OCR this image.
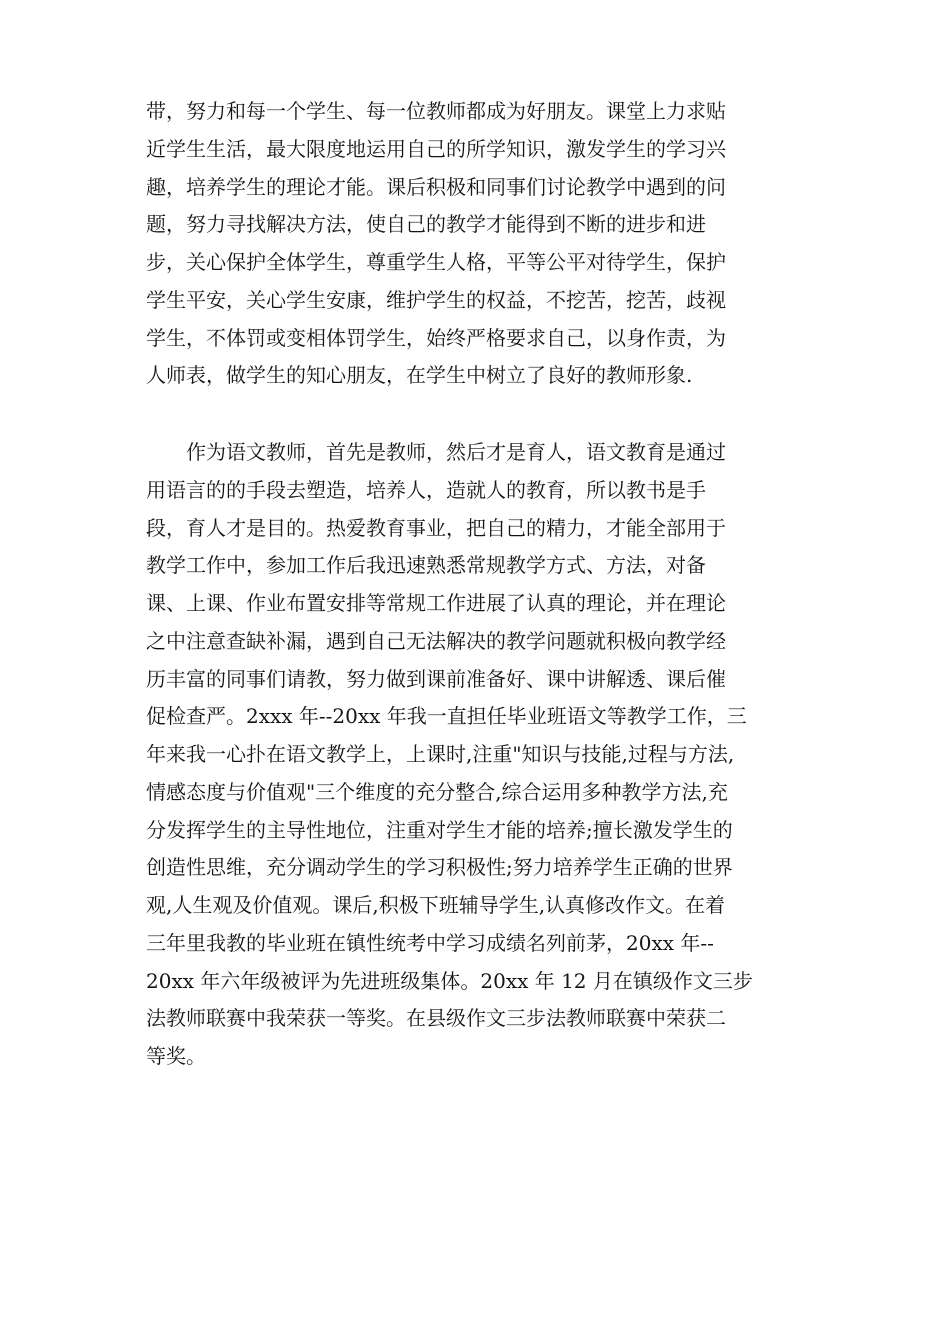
带，努力和每一个学生、每一位教师都成为好朋友。课堂上力求贴
近学生生活，最大限度地运用自己的所学知识，激发学生的学习兴
趣，培养学生的理论才能。课后积极和同事们讨论教学中遇到的问
题，努力寻找解决方法，使自己的教学才能得到不断的进步和进
步，关心保护全体学生，尊重学生人格，平等公平对待学生，保护
学生平安，关心学生安康，维护学生的权益，不挖苦，挖苦，歧视
学生，不体罚或变相体罚学生，始终严格要求自己，以身作责，为
人师表，做学生的知心朋友，在学生中树立了良好的教师形象.
　　作为语文教师，首先是教师，然后才是育人，语文教育是通过
用语言的的手段去塑造，培养人，造就人的教育，所以教书是手
段，育人才是目的。热爱教育事业，把自己的精力，才能全部用于
教学工作中，参加工作后我迅速熟悉常规教学方式、方法，对备
课、上课、作业布置安排等常规工作进展了认真的理论，并在理论
之中注意查缺补漏，遇到自己无法解决的教学问题就积极向教学经
历丰富的同事们请教，努力做到课前准备好、课中讲解透、课后催
促检查严。2xxx 年--20xx 年我一直担任毕业班语文等教学工作，三
年来我一心扑在语文教学上，上课时,注重"知识与技能,过程与方法,
情感态度与价值观"三个维度的充分整合,综合运用多种教学方法,充
分发挥学生的主导性地位，注重对学生才能的培养;擅长激发学生的
创造性思维，充分调动学生的学习积极性;努力培养学生正确的世界
观,人生观及价值观。课后,积极下班辅导学生,认真修改作文。在着
三年里我教的毕业班在镇性统考中学习成绩名列前茅，20xx 年--
20xx 年六年级被评为先进班级集体。20xx 年 12 月在镇级作文三步
法教师联赛中我荣获一等奖。在县级作文三步法教师联赛中荣获二
等奖。
